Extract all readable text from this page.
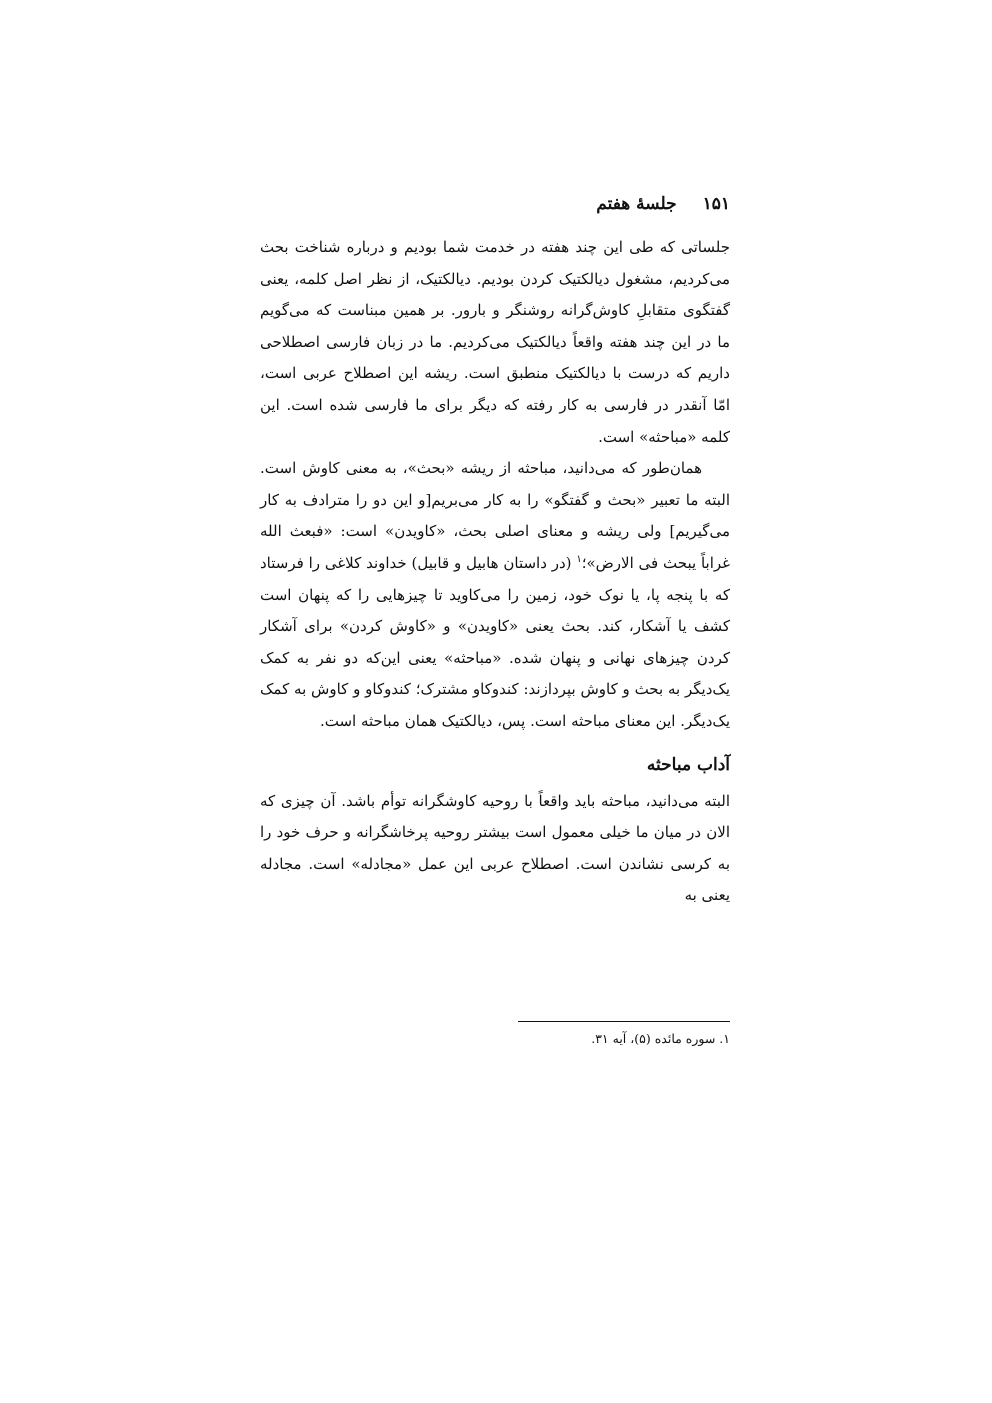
۱۵۱
جلسهٔ هفتم

جلساتی که طی این چند هفته در خدمت شما بودیم و درباره شناخت بحث می‌کردیم، مشغول دیالکتیک کردن بودیم. دیالکتیک، از نظر اصل کلمه، یعنی گفتگوی متقابلِ کاوش‌گرانه روشنگر و بارور. بر همین مبناست که می‌گویم ما در این چند هفته واقعاً دیالکتیک می‌کردیم. ما در زبان فارسی اصطلاحی داریم که درست با دیالکتیک منطبق است. ریشه این اصطلاح عربی است، امّا آنقدر در فارسی به کار رفته که دیگر برای ما فارسی شده است. این کلمه «مباحثه» است.

همان‌طور که می‌دانید، مباحثه از ریشه «بحث»، به معنی کاوش است. البته ما تعبیر «بحث و گفتگو» را به کار می‌بریم[و این دو را مترادف به کار می‌گیریم] ولی ریشه و معنای اصلی بحث، «کاویدن» است: «فبعث الله غراباً یبحث فی الارض»؛$^۱$ (در داستان هابیل و قابیل) خداوند کلاغی را فرستاد که با پنجه پا، یا نوک خود، زمین را می‌کاوید تا چیزهایی را که پنهان است کشف یا آشکار، کند. بحث یعنی «کاویدن» و «کاوش کردن» برای آشکار کردن چیزهای نهانی و پنهان شده. «مباحثه» یعنی این‌که دو نفر به کمک یک‌دیگر به بحث و کاوش بپردازند: کندوکاو مشترک؛ کندوکاو و کاوش به کمک یک‌دیگر. این معنای مباحثه است. پس، دیالکتیک همان مباحثه است.

آداب مباحثه

البته می‌دانید، مباحثه باید واقعاً با روحیه کاوشگرانه توأم باشد. آن چیزی که الان در میان ما خیلی معمول است بیشتر روحیه پرخاشگرانه و حرف خود را به کرسی نشاندن است. اصطلاح عربی این عمل «مجادله» است. مجادله یعنی به

۱. سوره مائده (۵)، آیه ۳۱.
